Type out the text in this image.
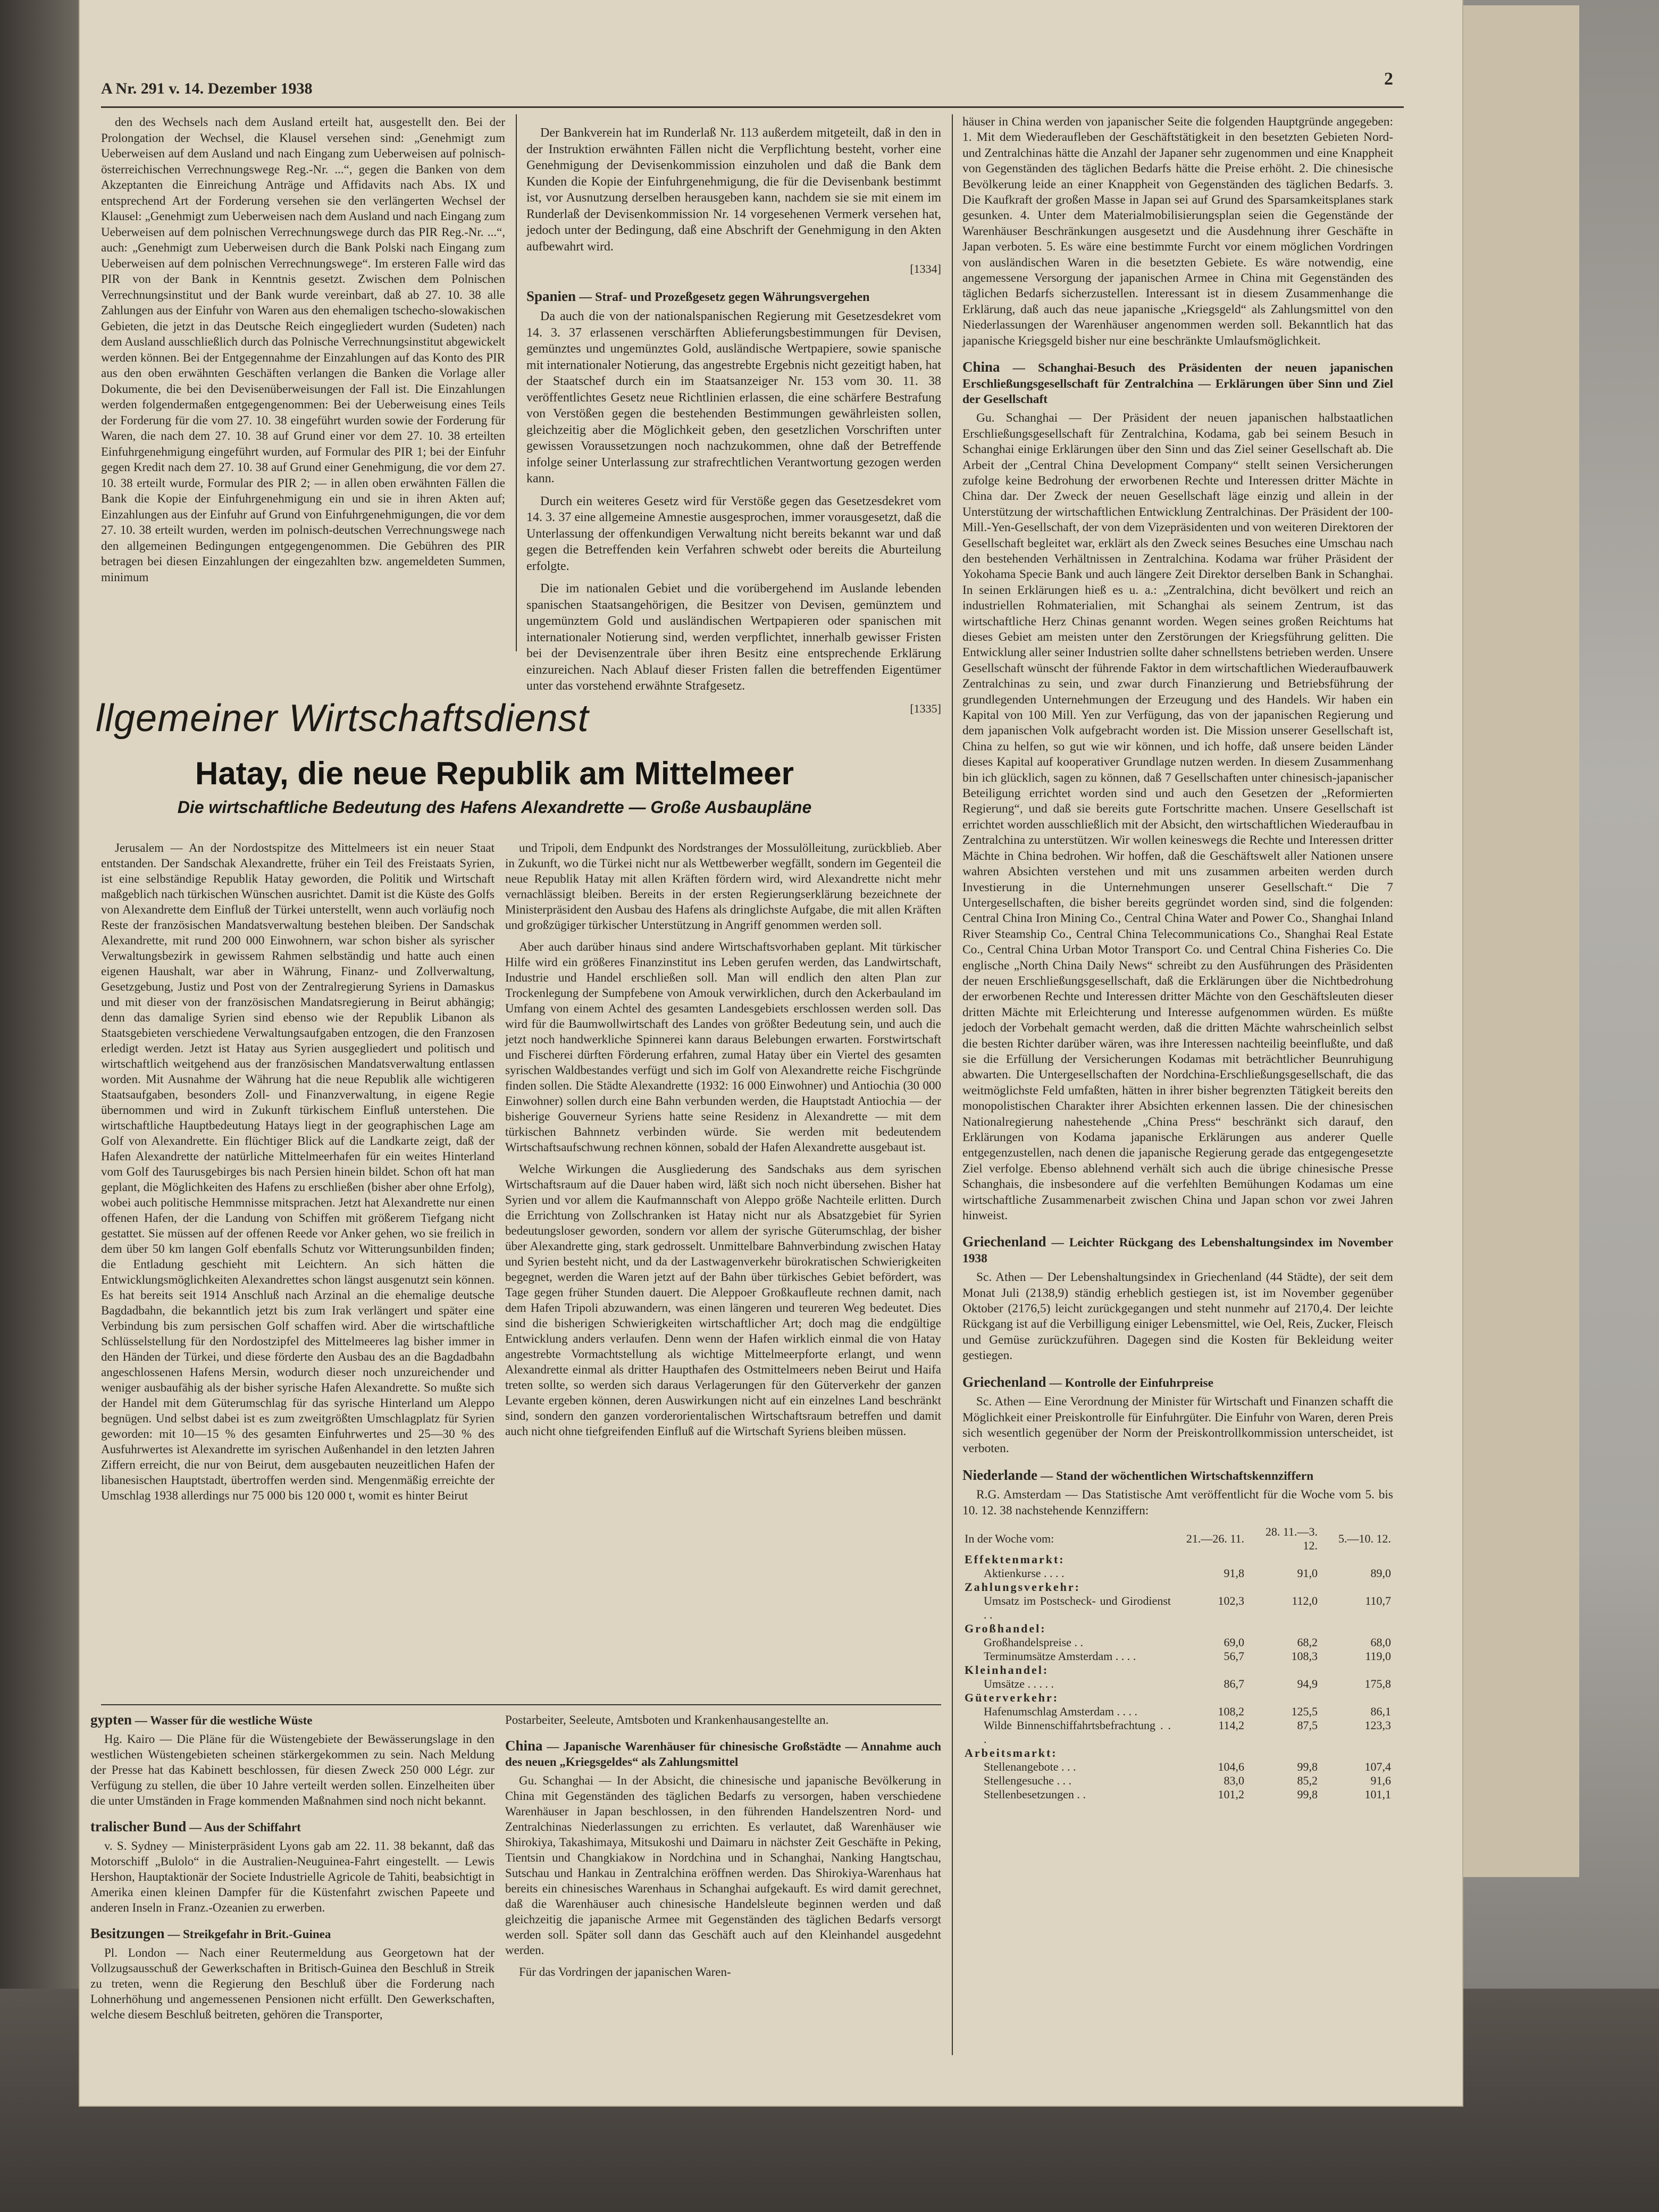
A Nr. 291 v. 14. Dezember 1938	2

den des Wechsels nach dem Ausland erteilt hat, ausgestellt den. Bei der Prolongation der Wechsel, die Klausel versehen sind: „Genehmigt zum Ueberweisen auf dem Ausland und nach Eingang zum Ueberweisen auf polnisch-österreichischen Verrechnungswege Reg.-Nr. ...“, gegen die Banken von dem Akzeptanten die Einreichung Anträge und Affidavits nach Abs. IX und entsprechend Art der Forderung versehen sie den verlängerten Wechsel der Klausel: „Genehmigt zum Ueberweisen nach dem Ausland und nach Eingang zum Ueberweisen auf dem polnischen Verrechnungswege durch das PIR Reg.-Nr. ...“, auch: „Genehmigt zum Ueberweisen durch die Bank Polski nach Eingang zum Ueberweisen auf dem polnischen Verrechnungswege“. Im ersteren Falle wird das PIR von der Bank in Kenntnis gesetzt. Zwischen dem Polnischen Verrechnungsinstitut und der Bank wurde vereinbart, daß ab 27. 10. 38 alle Zahlungen aus der Einfuhr von Waren aus den ehemaligen tschecho-slowakischen Gebieten, die jetzt in das Deutsche Reich eingegliedert wurden (Sudeten) nach dem Ausland ausschließlich durch das Polnische Verrechnungsinstitut abgewickelt werden können. Bei der Entgegennahme der Einzahlungen auf das Konto des PIR aus den oben erwähnten Geschäften verlangen die Banken die Vorlage aller Dokumente, die bei den Devisenüberweisungen der Fall ist. Die Einzahlungen werden folgendermaßen entgegengenommen: Bei der Ueberweisung eines Teils der Forderung für die vom 27. 10. 38 eingeführt wurden sowie der Forderung für Waren, die nach dem 27. 10. 38 auf Grund einer vor dem 27. 10. 38 erteilten Einfuhrgenehmigung eingeführt wurden, auf Formular des PIR 1; bei der Einfuhr gegen Kredit nach dem 27. 10. 38 auf Grund einer Genehmigung, die vor dem 27. 10. 38 erteilt wurde, Formular des PIR 2; — in allen oben erwähnten Fällen die Bank die Kopie der Einfuhrgenehmigung ein und sie in ihren Akten auf; Einzahlungen aus der Einfuhr auf Grund von Einfuhrgenehmigungen, die vor dem 27. 10. 38 erteilt wurden, werden im polnisch-deutschen Verrechnungswege nach den allgemeinen Bedingungen entgegengenommen. Die Gebühren des PIR betragen bei diesen Einzahlungen der eingezahlten bzw. angemeldeten Summen, minimum

Der Bankverein hat im Runderlaß Nr. 113 außerdem mitgeteilt, daß in den in der Instruktion erwähnten Fällen nicht die Verpflichtung besteht, vorher eine Genehmigung der Devisenkommission einzuholen und daß die Bank dem Kunden die Kopie der Einfuhrgenehmigung, die für die Devisenbank bestimmt ist, vor Ausnutzung derselben herausgeben kann, nachdem sie sie mit einem im Runderlaß der Devisenkommission Nr. 14 vorgesehenen Vermerk versehen hat, jedoch unter der Bedingung, daß eine Abschrift der Genehmigung in den Akten aufbewahrt wird.

[1334]

Spanien — Straf- und Prozeßgesetz gegen Währungsvergehen

Da auch die von der nationalspanischen Regierung mit Gesetzesdekret vom 14. 3. 37 erlassenen verschärften Ablieferungsbestimmungen für Devisen, gemünztes und ungemünztes Gold, ausländische Wertpapiere, sowie spanische mit internationaler Notierung, das angestrebte Ergebnis nicht gezeitigt haben, hat der Staatschef durch ein im Staatsanzeiger Nr. 153 vom 30. 11. 38 veröffentlichtes Gesetz neue Richtlinien erlassen, die eine schärfere Bestrafung von Verstößen gegen die bestehenden Bestimmungen gewährleisten sollen, gleichzeitig aber die Möglichkeit geben, den gesetzlichen Vorschriften unter gewissen Voraussetzungen noch nachzukommen, ohne daß der Betreffende infolge seiner Unterlassung zur strafrechtlichen Verantwortung gezogen werden kann.

Durch ein weiteres Gesetz wird für Verstöße gegen das Gesetzesdekret vom 14. 3. 37 eine allgemeine Amnestie ausgesprochen, immer vorausgesetzt, daß die Unterlassung der offenkundigen Verwaltung nicht bereits bekannt war und daß gegen die Betreffenden kein Verfahren schwebt oder bereits die Aburteilung erfolgte.

Die im nationalen Gebiet und die vorübergehend im Auslande lebenden spanischen Staatsangehörigen, die Besitzer von Devisen, gemünztem und ungemünztem Gold und ausländischen Wertpapieren oder spanischen mit internationaler Notierung sind, werden verpflichtet, innerhalb gewisser Fristen bei der Devisenzentrale über ihren Besitz eine entsprechende Erklärung einzureichen. Nach Ablauf dieser Fristen fallen die betreffenden Eigentümer unter das vorstehend erwähnte Strafgesetz.

[1335]

llgemeiner Wirtschaftsdienst
Hatay, die neue Republik am Mittelmeer
Die wirtschaftliche Bedeutung des Hafens Alexandrette — Große Ausbaupläne

Jerusalem — An der Nordostspitze des Mittelmeers ist ein neuer Staat entstanden. Der Sandschak Alexandrette, früher ein Teil des Freistaats Syrien, ist eine selbständige Republik Hatay geworden, die Politik und Wirtschaft maßgeblich nach türkischen Wünschen ausrichtet. Damit ist die Küste des Golfs von Alexandrette dem Einfluß der Türkei unterstellt, wenn auch vorläufig noch Reste der französischen Mandatsverwaltung bestehen bleiben. Der Sandschak Alexandrette, mit rund 200 000 Einwohnern, war schon bisher als syrischer Verwaltungsbezirk in gewissem Rahmen selbständig und hatte auch einen eigenen Haushalt, war aber in Währung, Finanz- und Zollverwaltung, Gesetzgebung, Justiz und Post von der Zentralregierung Syriens in Damaskus und mit dieser von der französischen Mandatsregierung in Beirut abhängig; denn das damalige Syrien sind ebenso wie der Republik Libanon als Staatsgebieten verschiedene Verwaltungsaufgaben entzogen, die den Franzosen erledigt werden. Jetzt ist Hatay aus Syrien ausgegliedert und politisch und wirtschaftlich weitgehend aus der französischen Mandatsverwaltung entlassen worden. Mit Ausnahme der Währung hat die neue Republik alle wichtigeren Staatsaufgaben, besonders Zoll- und Finanzverwaltung, in eigene Regie übernommen und wird in Zukunft türkischem Einfluß unterstehen. Die wirtschaftliche Hauptbedeutung Hatays liegt in der geographischen Lage am Golf von Alexandrette. Ein flüchtiger Blick auf die Landkarte zeigt, daß der Hafen Alexandrette der natürliche Mittelmeerhafen für ein weites Hinterland vom Golf des Taurusgebirges bis nach Persien hinein bildet. Schon oft hat man geplant, die Möglichkeiten des Hafens zu erschließen (bisher aber ohne Erfolg), wobei auch politische Hemmnisse mitsprachen. Jetzt hat Alexandrette nur einen offenen Hafen, der die Landung von Schiffen mit größerem Tiefgang nicht gestattet. Sie müssen auf der offenen Reede vor Anker gehen, wo sie freilich in dem über 50 km langen Golf ebenfalls Schutz vor Witterungsunbilden finden; die Entladung geschieht mit Leichtern. An sich hätten die Entwicklungsmöglichkeiten Alexandrettes schon längst ausgenutzt sein können. Es hat bereits seit 1914 Anschluß nach Arzinal an die ehemalige deutsche Bagdadbahn, die bekanntlich jetzt bis zum Irak verlängert und später eine Verbindung bis zum persischen Golf schaffen wird. Aber die wirtschaftliche Schlüsselstellung für den Nordostzipfel des Mittelmeeres lag bisher immer in den Händen der Türkei, und diese förderte den Ausbau des an die Bagdadbahn angeschlossenen Hafens Mersin, wodurch dieser noch unzureichender und weniger ausbaufähig als der bisher syrische Hafen Alexandrette. So mußte sich der Handel mit dem Güterumschlag für das syrische Hinterland um Aleppo begnügen. Und selbst dabei ist es zum zweitgrößten Umschlagplatz für Syrien geworden: mit 10—15 % des gesamten Einfuhrwertes und 25—30 % des Ausfuhrwertes ist Alexandrette im syrischen Außenhandel in den letzten Jahren Ziffern erreicht, die nur von Beirut, dem ausgebauten neuzeitlichen Hafen der libanesischen Hauptstadt, übertroffen werden sind. Mengenmäßig erreichte der Umschlag 1938 allerdings nur 75 000 bis 120 000 t, womit es hinter Beirut

und Tripoli, dem Endpunkt des Nordstranges der Mossulölleitung, zurückblieb. Aber in Zukunft, wo die Türkei nicht nur als Wettbewerber wegfällt, sondern im Gegenteil die neue Republik Hatay mit allen Kräften fördern wird, wird Alexandrette nicht mehr vernachlässigt bleiben. Bereits in der ersten Regierungserklärung bezeichnete der Ministerpräsident den Ausbau des Hafens als dringlichste Aufgabe, die mit allen Kräften und großzügiger türkischer Unterstützung in Angriff genommen werden soll.

Aber auch darüber hinaus sind andere Wirtschaftsvorhaben geplant. Mit türkischer Hilfe wird ein größeres Finanzinstitut ins Leben gerufen werden, das Landwirtschaft, Industrie und Handel erschließen soll. Man will endlich den alten Plan zur Trockenlegung der Sumpfebene von Amouk verwirklichen, durch den Ackerbauland im Umfang von einem Achtel des gesamten Landesgebiets erschlossen werden soll. Das wird für die Baumwollwirtschaft des Landes von größter Bedeutung sein, und auch die jetzt noch handwerkliche Spinnerei kann daraus Belebungen erwarten. Forstwirtschaft und Fischerei dürften Förderung erfahren, zumal Hatay über ein Viertel des gesamten syrischen Waldbestandes verfügt und sich im Golf von Alexandrette reiche Fischgründe finden sollen. Die Städte Alexandrette (1932: 16 000 Einwohner) und Antiochia (30 000 Einwohner) sollen durch eine Bahn verbunden werden, die Hauptstadt Antiochia — der bisherige Gouverneur Syriens hatte seine Residenz in Alexandrette — mit dem türkischen Bahnnetz verbinden würde. Sie werden mit bedeutendem Wirtschaftsaufschwung rechnen können, sobald der Hafen Alexandrette ausgebaut ist.

Welche Wirkungen die Ausgliederung des Sandschaks aus dem syrischen Wirtschaftsraum auf die Dauer haben wird, läßt sich noch nicht übersehen. Bisher hat Syrien und vor allem die Kaufmannschaft von Aleppo größe Nachteile erlitten. Durch die Errichtung von Zollschranken ist Hatay nicht nur als Absatzgebiet für Syrien bedeutungsloser geworden, sondern vor allem der syrische Güterumschlag, der bisher über Alexandrette ging, stark gedrosselt. Unmittelbare Bahnverbindung zwischen Hatay und Syrien besteht nicht, und da der Lastwagenverkehr bürokratischen Schwierigkeiten begegnet, werden die Waren jetzt auf der Bahn über türkisches Gebiet befördert, was Tage gegen früher Stunden dauert. Die Aleppoer Großkaufleute rechnen damit, nach dem Hafen Tripoli abzuwandern, was einen längeren und teureren Weg bedeutet. Dies sind die bisherigen Schwierigkeiten wirtschaftlicher Art; doch mag die endgültige Entwicklung anders verlaufen. Denn wenn der Hafen wirklich einmal die von Hatay angestrebte Vormachtstellung als wichtige Mittelmeerpforte erlangt, und wenn Alexandrette einmal als dritter Haupthafen des Ostmittelmeers neben Beirut und Haifa treten sollte, so werden sich daraus Verlagerungen für den Güterverkehr der ganzen Levante ergeben können, deren Auswirkungen nicht auf ein einzelnes Land beschränkt sind, sondern den ganzen vorderorientalischen Wirtschaftsraum betreffen und damit auch nicht ohne tiefgreifenden Einfluß auf die Wirtschaft Syriens bleiben müssen.

gypten — Wasser für die westliche Wüste

Hg. Kairo — Die Pläne für die Wüstengebiete der Bewässerungslage in den westlichen Wüstengebieten scheinen stärkergekommen zu sein. Nach Meldung der Presse hat das Kabinett beschlossen, für diesen Zweck 250 000 Légr. zur Verfügung zu stellen, die über 10 Jahre verteilt werden sollen. Einzelheiten über die unter Umständen in Frage kommenden Maßnahmen sind noch nicht bekannt.

tralischer Bund — Aus der Schiffahrt

v. S. Sydney — Ministerpräsident Lyons gab am 22. 11. 38 bekannt, daß das Motorschiff „Bulolo“ in die Australien-Neuguinea-Fahrt eingestellt. — Lewis Hershon, Hauptaktionär der Societe Industrielle Agricole de Tahiti, beabsichtigt in Amerika einen kleinen Dampfer für die Küstenfahrt zwischen Papeete und anderen Inseln in Franz.-Ozeanien zu erwerben.

Besitzungen — Streikgefahr in Brit.-Guinea

Pl. London — Nach einer Reutermeldung aus Georgetown hat der Vollzugsausschuß der Gewerkschaften in Britisch-Guinea den Beschluß in Streik zu treten, wenn die Regierung den Beschluß über die Forderung nach Lohnerhöhung und angemessenen Pensionen nicht erfüllt. Den Gewerkschaften, welche diesem Beschluß beitreten, gehören die Transporter,

Postarbeiter, Seeleute, Amtsboten und Krankenhausangestellte an.

China — Japanische Warenhäuser für chinesische Großstädte — Annahme auch des neuen „Kriegsgeldes“ als Zahlungsmittel

Gu. Schanghai — In der Absicht, die chinesische und japanische Bevölkerung in China mit Gegenständen des täglichen Bedarfs zu versorgen, haben verschiedene Warenhäuser in Japan beschlossen, in den führenden Handelszentren Nord- und Zentralchinas Niederlassungen zu errichten. Es verlautet, daß Warenhäuser wie Shirokiya, Takashimaya, Mitsukoshi und Daimaru in nächster Zeit Geschäfte in Peking, Tientsin und Changkiakow in Nordchina und in Schanghai, Nanking Hangtschau, Sutschau und Hankau in Zentralchina eröffnen werden. Das Shirokiya-Warenhaus hat bereits ein chinesisches Warenhaus in Schanghai aufgekauft. Es wird damit gerechnet, daß die Warenhäuser auch chinesische Handelsleute beginnen werden und daß gleichzeitig die japanische Armee mit Gegenständen des täglichen Bedarfs versorgt werden soll. Später soll dann das Geschäft auch auf den Kleinhandel ausgedehnt werden.

Für das Vordringen der japanischen Waren-

häuser in China werden von japanischer Seite die folgenden Hauptgründe angegeben: 1. Mit dem Wiederaufleben der Geschäftstätigkeit in den besetzten Gebieten Nord- und Zentralchinas hätte die Anzahl der Japaner sehr zugenommen und eine Knappheit von Gegenständen des täglichen Bedarfs hätte die Preise erhöht. 2. Die chinesische Bevölkerung leide an einer Knappheit von Gegenständen des täglichen Bedarfs. 3. Die Kaufkraft der großen Masse in Japan sei auf Grund des Sparsamkeitsplanes stark gesunken. 4. Unter dem Materialmobilisierungsplan seien die Gegenstände der Warenhäuser Beschränkungen ausgesetzt und die Ausdehnung ihrer Geschäfte in Japan verboten. 5. Es wäre eine bestimmte Furcht vor einem möglichen Vordringen von ausländischen Waren in die besetzten Gebiete. Es wäre notwendig, eine angemessene Versorgung der japanischen Armee in China mit Gegenständen des täglichen Bedarfs sicherzustellen. Interessant ist in diesem Zusammenhange die Erklärung, daß auch das neue japanische „Kriegsgeld“ als Zahlungsmittel von den Niederlassungen der Warenhäuser angenommen werden soll. Bekanntlich hat das japanische Kriegsgeld bisher nur eine beschränkte Umlaufsmöglichkeit.

China — Schanghai-Besuch des Präsidenten der neuen japanischen Erschließungsgesellschaft für Zentralchina — Erklärungen über Sinn und Ziel der Gesellschaft

Gu. Schanghai — Der Präsident der neuen japanischen halbstaatlichen Erschließungsgesellschaft für Zentralchina, Kodama, gab bei seinem Besuch in Schanghai einige Erklärungen über den Sinn und das Ziel seiner Gesellschaft ab. Die Arbeit der „Central China Development Company“ stellt seinen Versicherungen zufolge keine Bedrohung der erworbenen Rechte und Interessen dritter Mächte in China dar. Der Zweck der neuen Gesellschaft läge einzig und allein in der Unterstützung der wirtschaftlichen Entwicklung Zentralchinas. Der Präsident der 100-Mill.-Yen-Gesellschaft, der von dem Vizepräsidenten und von weiteren Direktoren der Gesellschaft begleitet war, erklärt als den Zweck seines Besuches eine Umschau nach den bestehenden Verhältnissen in Zentralchina. Kodama war früher Präsident der Yokohama Specie Bank und auch längere Zeit Direktor derselben Bank in Schanghai. In seinen Erklärungen hieß es u. a.: „Zentralchina, dicht bevölkert und reich an industriellen Rohmaterialien, mit Schanghai als seinem Zentrum, ist das wirtschaftliche Herz Chinas genannt worden. Wegen seines großen Reichtums hat dieses Gebiet am meisten unter den Zerstörungen der Kriegsführung gelitten. Die Entwicklung aller seiner Industrien sollte daher schnellstens betrieben werden. Unsere Gesellschaft wünscht der führende Faktor in dem wirtschaftlichen Wiederaufbauwerk Zentralchinas zu sein, und zwar durch Finanzierung und Betriebsführung der grundlegenden Unternehmungen der Erzeugung und des Handels. Wir haben ein Kapital von 100 Mill. Yen zur Verfügung, das von der japanischen Regierung und dem japanischen Volk aufgebracht worden ist. Die Mission unserer Gesellschaft ist, China zu helfen, so gut wie wir können, und ich hoffe, daß unsere beiden Länder dieses Kapital auf kooperativer Grundlage nutzen werden. In diesem Zusammenhang bin ich glücklich, sagen zu können, daß 7 Gesellschaften unter chinesisch-japanischer Beteiligung errichtet worden sind und auch den Gesetzen der „Reformierten Regierung“, und daß sie bereits gute Fortschritte machen. Unsere Gesellschaft ist errichtet worden ausschließlich mit der Absicht, den wirtschaftlichen Wiederaufbau in Zentralchina zu unterstützen. Wir wollen keineswegs die Rechte und Interessen dritter Mächte in China bedrohen. Wir hoffen, daß die Geschäftswelt aller Nationen unsere wahren Absichten verstehen und mit uns zusammen arbeiten werden durch Investierung in die Unternehmungen unserer Gesellschaft.“ Die 7 Untergesellschaften, die bisher bereits gegründet worden sind, sind die folgenden: Central China Iron Mining Co., Central China Water and Power Co., Shanghai Inland River Steamship Co., Central China Telecommunications Co., Shanghai Real Estate Co., Central China Urban Motor Transport Co. und Central China Fisheries Co. Die englische „North China Daily News“ schreibt zu den Ausführungen des Präsidenten der neuen Erschließungsgesellschaft, daß die Erklärungen über die Nichtbedrohung der erworbenen Rechte und Interessen dritter Mächte von den Geschäftsleuten dieser dritten Mächte mit Erleichterung und Interesse aufgenommen würden. Es müßte jedoch der Vorbehalt gemacht werden, daß die dritten Mächte wahrscheinlich selbst die besten Richter darüber wären, was ihre Interessen nachteilig beeinflußte, und daß sie die Erfüllung der Versicherungen Kodamas mit beträchtlicher Beunruhigung abwarten. Die Untergesellschaften der Nordchina-Erschließungsgesellschaft, die das weitmöglichste Feld umfaßten, hätten in ihrer bisher begrenzten Tätigkeit bereits den monopolistischen Charakter ihrer Absichten erkennen lassen. Die der chinesischen Nationalregierung nahestehende „China Press“ beschränkt sich darauf, den Erklärungen von Kodama japanische Erklärungen aus anderer Quelle entgegenzustellen, nach denen die japanische Regierung gerade das entgegengesetzte Ziel verfolge. Ebenso ablehnend verhält sich auch die übrige chinesische Presse Schanghais, die insbesondere auf die verfehlten Bemühungen Kodamas um eine wirtschaftliche Zusammenarbeit zwischen China und Japan schon vor zwei Jahren hinweist.

Griechenland — Leichter Rückgang des Lebenshaltungsindex im November 1938

Sc. Athen — Der Lebenshaltungsindex in Griechenland (44 Städte), der seit dem Monat Juli (2138,9) ständig erheblich gestiegen ist, ist im November gegenüber Oktober (2176,5) leicht zurückgegangen und steht nunmehr auf 2170,4. Der leichte Rückgang ist auf die Verbilligung einiger Lebensmittel, wie Oel, Reis, Zucker, Fleisch und Gemüse zurückzuführen. Dagegen sind die Kosten für Bekleidung weiter gestiegen.

Griechenland — Kontrolle der Einfuhrpreise

Sc. Athen — Eine Verordnung der Minister für Wirtschaft und Finanzen schafft die Möglichkeit einer Preiskontrolle für Einfuhrgüter. Die Einfuhr von Waren, deren Preis sich wesentlich gegenüber der Norm der Preiskontrollkommission unterscheidet, ist verboten.

Niederlande — Stand der wöchentlichen Wirtschaftskennziffern

R.G. Amsterdam — Das Statistische Amt veröffentlicht für die Woche vom 5. bis 10. 12. 38 nachstehende Kennziffern:

In der Woche vom:	21.—26. 11.	28. 11.—3. 12.	5.—10. 12.
Effektenmarkt:			
Aktienkurse . . . .	91,8	91,0	89,0
Zahlungsverkehr:			
Umsatz im Postscheck- und Girodienst . .	102,3	112,0	110,7
Großhandel:			
Großhandelspreise . .	69,0	68,2	68,0
Terminumsätze Amsterdam . . . .	56,7	108,3	119,0
Kleinhandel:			
Umsätze . . . . .	86,7	94,9	175,8
Güterverkehr:			
Hafenumschlag Amsterdam . . . .	108,2	125,5	86,1
Wilde Binnenschiffahrtsbefrachtung . . .	114,2	87,5	123,3
Arbeitsmarkt:			
Stellenangebote . . .	104,6	99,8	107,4
Stellengesuche . . .	83,0	85,2	91,6
Stellenbesetzungen . .	101,2	99,8	101,1
